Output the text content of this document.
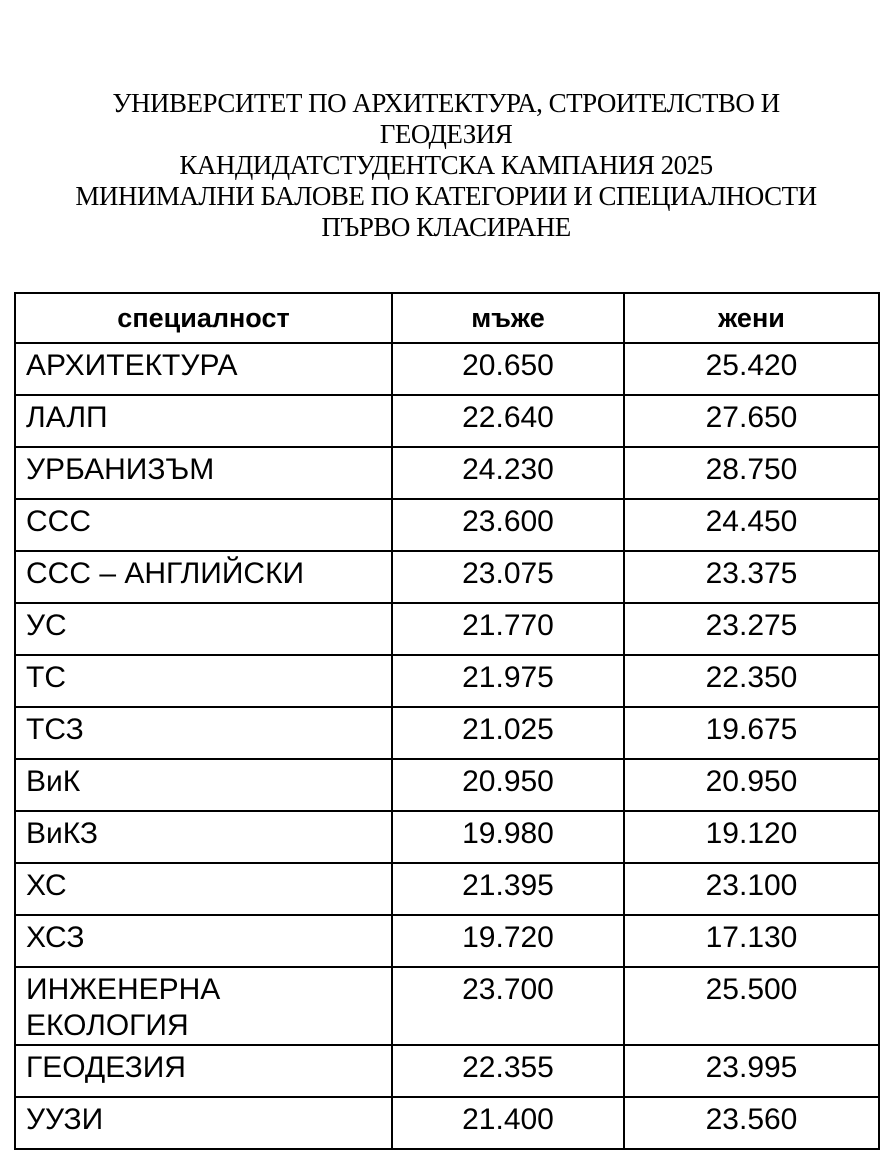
УНИВЕРСИТЕТ ПО АРХИТЕКТУРА, СТРОИТЕЛСТВО И
ГЕОДЕЗИЯ
КАНДИДАТСТУДЕНТСКА КАМПАНИЯ 2025
МИНИМАЛНИ БАЛОВЕ ПО КАТЕГОРИИ И СПЕЦИАЛНОСТИ
ПЪРВО КЛАСИРАНЕ
специалност	мъже	жени
АРХИТЕКТУРА	20.650	25.420
ЛАЛП	22.640	27.650
УРБАНИЗЪМ	24.230	28.750
ССС	23.600	24.450
ССС – АНГЛИЙСКИ	23.075	23.375
УС	21.770	23.275
ТС	21.975	22.350
ТСЗ	21.025	19.675
ВиК	20.950	20.950
ВиКЗ	19.980	19.120
ХС	21.395	23.100
ХСЗ	19.720	17.130
ИНЖЕНЕРНА ЕКОЛОГИЯ	23.700	25.500
ГЕОДЕЗИЯ	22.355	23.995
УУЗИ	21.400	23.560
